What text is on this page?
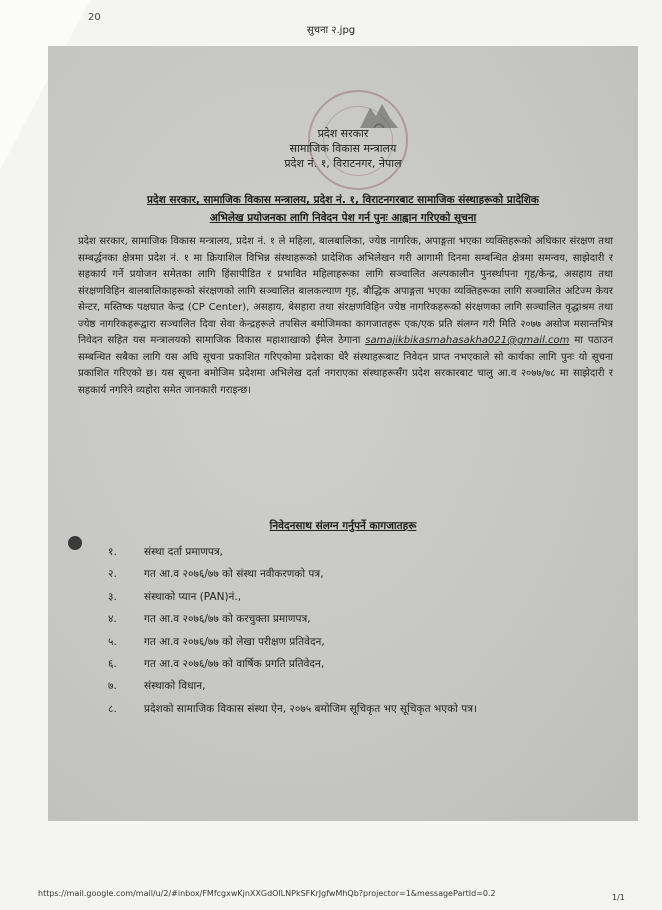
20
सुचना २.jpg
प्रदेश सरकार
सामाजिक विकास मन्त्रालय
प्रदेश नं. १, विराटनगर, नेपाल
प्रदेश सरकार, सामाजिक विकास मन्त्रालय, प्रदेश नं. १, विराटनगरबाट सामाजिक संस्थाहरूको प्रादेशिक
अभिलेख प्रयोजनका लागि निवेदन पेश गर्न पुनः आह्वान गरिएको सूचना
प्रदेश सरकार, सामाजिक विकास मन्त्रालय, प्रदेश नं. १ ले महिला, बालबालिका, ज्येष्ठ नागरिक, अपाङ्गता भएका व्यक्तिहरूको अधिकार संरक्षण तथा सम्बर्द्धनका क्षेत्रमा प्रदेश नं. १ मा क्रियाशिल विभिन्न संस्थाहरूको प्रादेशिक अभिलेखन गरी आगामी दिनमा सम्बन्धित क्षेत्रमा समन्वय, साझेदारी र सहकार्य गर्ने प्रयोजन समेतका लागि हिंसापीडित र प्रभावित महिलाहरूका लागि सञ्चालित अल्पकालीन पुनर्स्थापना गृह/केन्द्र, असहाय तथा संरक्षणविहिन बालबालिकाहरूको संरक्षणको लागि सञ्चालित बालकल्याण गृह, बौद्धिक अपाङ्गता भएका व्यक्तिहरूका लागि सञ्चालित अटिज्म केयर सेन्टर, मस्तिष्क पक्षघात केन्द्र (CP Center), असहाय, बेसहारा तथा संरक्षणविहिन ज्येष्ठ नागरिकहरूको संरक्षणका लागि सञ्चालित वृद्धाश्रम तथा ज्येष्ठ नागरिकहरूद्वारा सञ्चालित दिवा सेवा केन्द्रहरूले तपसिल बमोजिमका कागजातहरू एक/एक प्रति संलग्न गरी मिति २०७७ असोज मसान्तभित्र निवेदन सहित यस मन्त्रालयको सामाजिक विकास महाशाखाको ईमेल ठेगाना samajikbikasmahasakha021@gmail.com मा पठाउन सम्बन्धित सबैका लागि यस अघि सूचना प्रकाशित गरिएकोमा प्रदेशका धेरै संस्थाहरूबाट निवेदन प्राप्त नभएकाले सो कार्यका लागि पुनः यो सूचना प्रकाशित गरिएको छ। यस सूचना बमोजिम प्रदेशमा अभिलेख दर्ता नगराएका संस्थाहरूसँग प्रदेश सरकारबाट चालु आ.व २०७७/७८ मा साझेदारी र सहकार्य नगरिने व्यहोरा समेत जानकारी गराइन्छ।
निवेदनसाथ संलग्न गर्नुपर्ने कागजातहरू
१.	संस्था दर्ता प्रमाणपत्र,
२.	गत आ.व २०७६/७७ को संस्था नवीकरणको पत्र,
३.	संस्थाको प्यान (PAN)नं.,
४.	गत आ.व २०७६/७७ को करचुक्ता प्रमाणपत्र,
५.	गत आ.व २०७६/७७ को लेखा परीक्षण प्रतिवेदन,
६.	गत आ.व २०७६/७७ को वार्षिक प्रगति प्रतिवेदन,
७.	संस्थाको विधान,
८.	प्रदेशको सामाजिक विकास संस्था ऐन, २०७५ बमोजिम सूचिकृत भए सूचिकृत भएको पत्र।
https://mail.google.com/mail/u/2/#inbox/FMfcgxwKjnXXGdOlLNPkSFKrJgfwMhQb?projector=1&messagePartId=0.2	1/1
